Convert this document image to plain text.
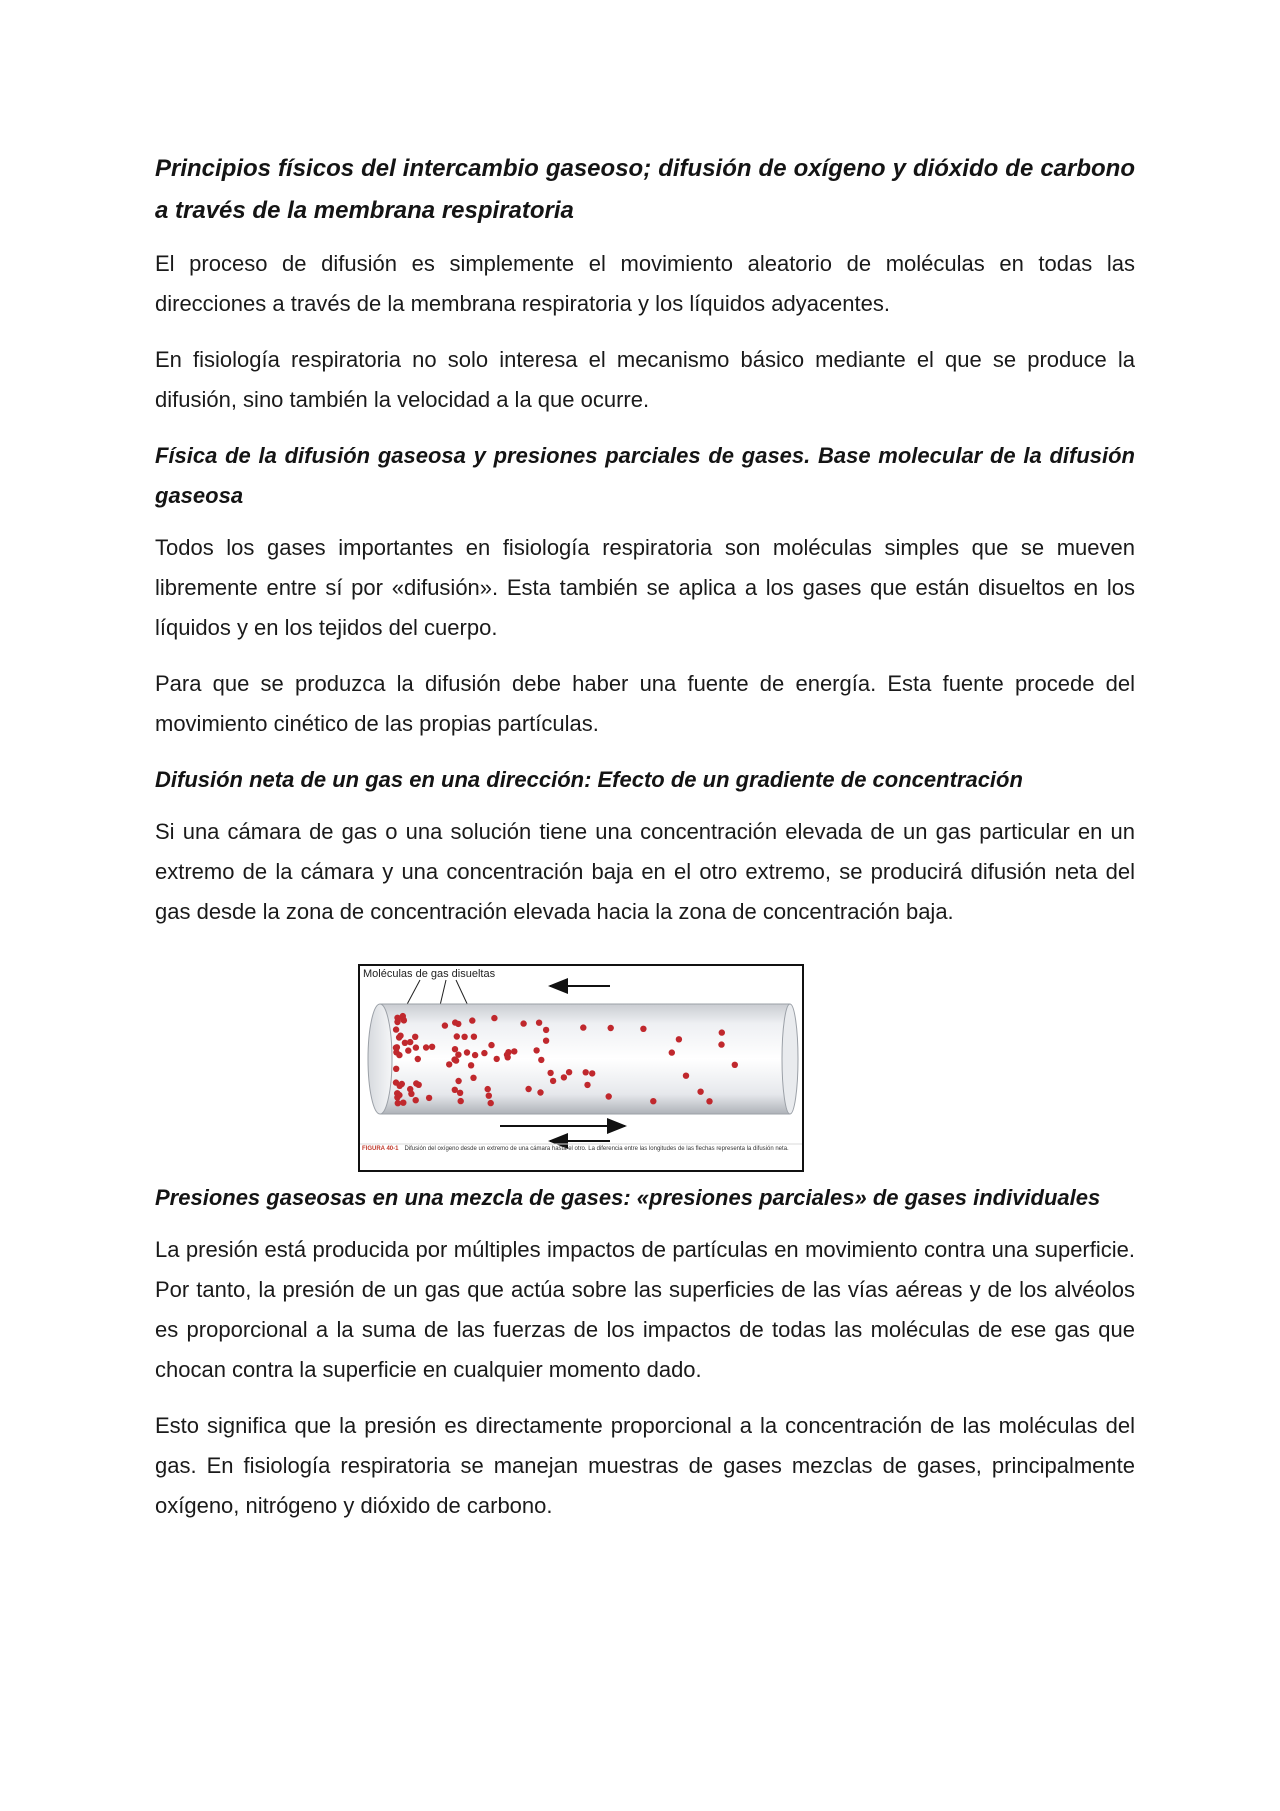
Principios físicos del intercambio gaseoso; difusión de oxígeno y dióxido de carbono a través de la membrana respiratoria

El proceso de difusión es simplemente el movimiento aleatorio de moléculas en todas las direcciones a través de la membrana respiratoria y los líquidos adyacentes.

En fisiología respiratoria no solo interesa el mecanismo básico mediante el que se produce la difusión, sino también la velocidad a la que ocurre.

Física de la difusión gaseosa y presiones parciales de gases. Base molecular de la difusión gaseosa

Todos los gases importantes en fisiología respiratoria son moléculas simples que se mueven libremente entre sí por «difusión». Esta también se aplica a los gases que están disueltos en los líquidos y en los tejidos del cuerpo.

Para que se produzca la difusión debe haber una fuente de energía. Esta fuente procede del movimiento cinético de las propias partículas.

Difusión neta de un gas en una dirección: Efecto de un gradiente de concentración

Si una cámara de gas o una solución tiene una concentración elevada de un gas particular en un extremo de la cámara y una concentración baja en el otro extremo, se producirá difusión neta del gas desde la zona de concentración elevada hacia la zona de concentración baja.

Moléculas de gas disueltas
FIGURA 40-1 Difusión del oxígeno desde un extremo de una cámara hasta el otro. La diferencia entre las longitudes de las flechas representa la difusión neta.
Presiones gaseosas en una mezcla de gases: «presiones parciales» de gases individuales

La presión está producida por múltiples impactos de partículas en movimiento contra una superficie. Por tanto, la presión de un gas que actúa sobre las superficies de las vías aéreas y de los alvéolos es proporcional a la suma de las fuerzas de los impactos de todas las moléculas de ese gas que chocan contra la superficie en cualquier momento dado.

Esto significa que la presión es directamente proporcional a la concentración de las moléculas del gas. En fisiología respiratoria se manejan muestras de gases mezclas de gases, principalmente oxígeno, nitrógeno y dióxido de carbono.
